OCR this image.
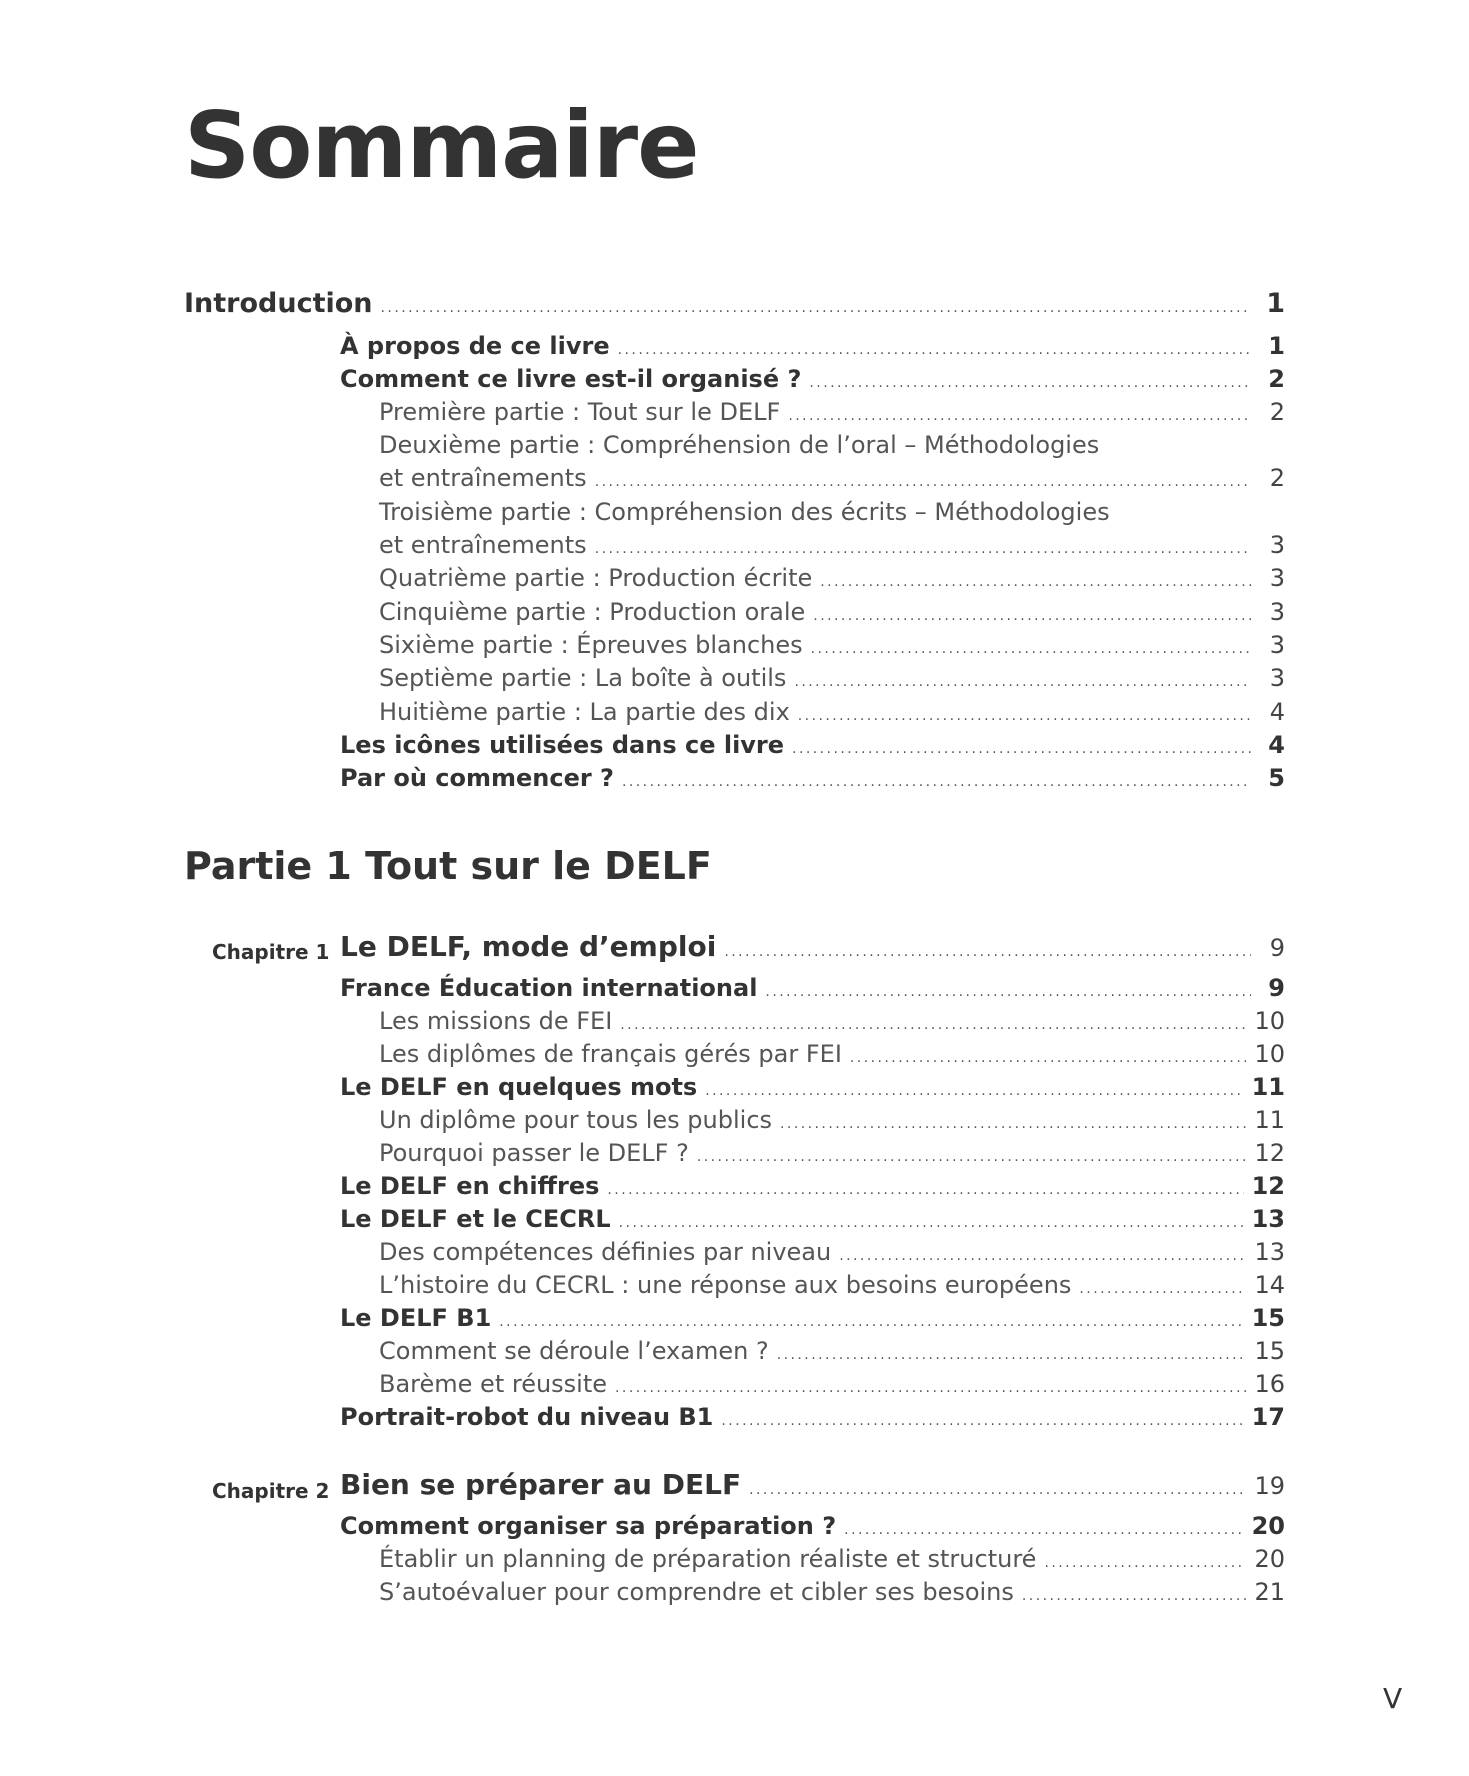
Sommaire
Introduction . . .	1
À propos de ce livre . . .	1
Comment ce livre est-il organisé ? . . .	2
Première partie : Tout sur le DELF . . .	2
Deuxième partie : Compréhension de l’oral – Méthodologies
et entraînements . . .	2
Troisième partie : Compréhension des écrits – Méthodologies
et entraînements . . .	3
Quatrième partie : Production écrite . . .	3
Cinquième partie : Production orale . . .	3
Sixième partie : Épreuves blanches . . .	3
Septième partie : La boîte à outils . . .	3
Huitième partie : La partie des dix . . .	4
Les icônes utilisées dans ce livre . . .	4
Par où commencer ? . . .	5
Partie 1 Tout sur le DELF
Chapitre 1 Le DELF, mode d’emploi . . .	9
France Éducation international . . .	9
Les missions de FEI . . .	10
Les diplômes de français gérés par FEI . . .	10
Le DELF en quelques mots . . .	11
Un diplôme pour tous les publics . . .	11
Pourquoi passer le DELF ? . . .	12
Le DELF en chiffres . . .	12
Le DELF et le CECRL . . .	13
Des compétences définies par niveau . . .	13
L’histoire du CECRL : une réponse aux besoins européens . . .	14
Le DELF B1 . . .	15
Comment se déroule l’examen ? . . .	15
Barème et réussite . . .	16
Portrait-robot du niveau B1 . . .	17
Chapitre 2 Bien se préparer au DELF . . .	19
Comment organiser sa préparation ? . . .	20
Établir un planning de préparation réaliste et structuré . . .	20
S’autoévaluer pour comprendre et cibler ses besoins . . .	21
V
